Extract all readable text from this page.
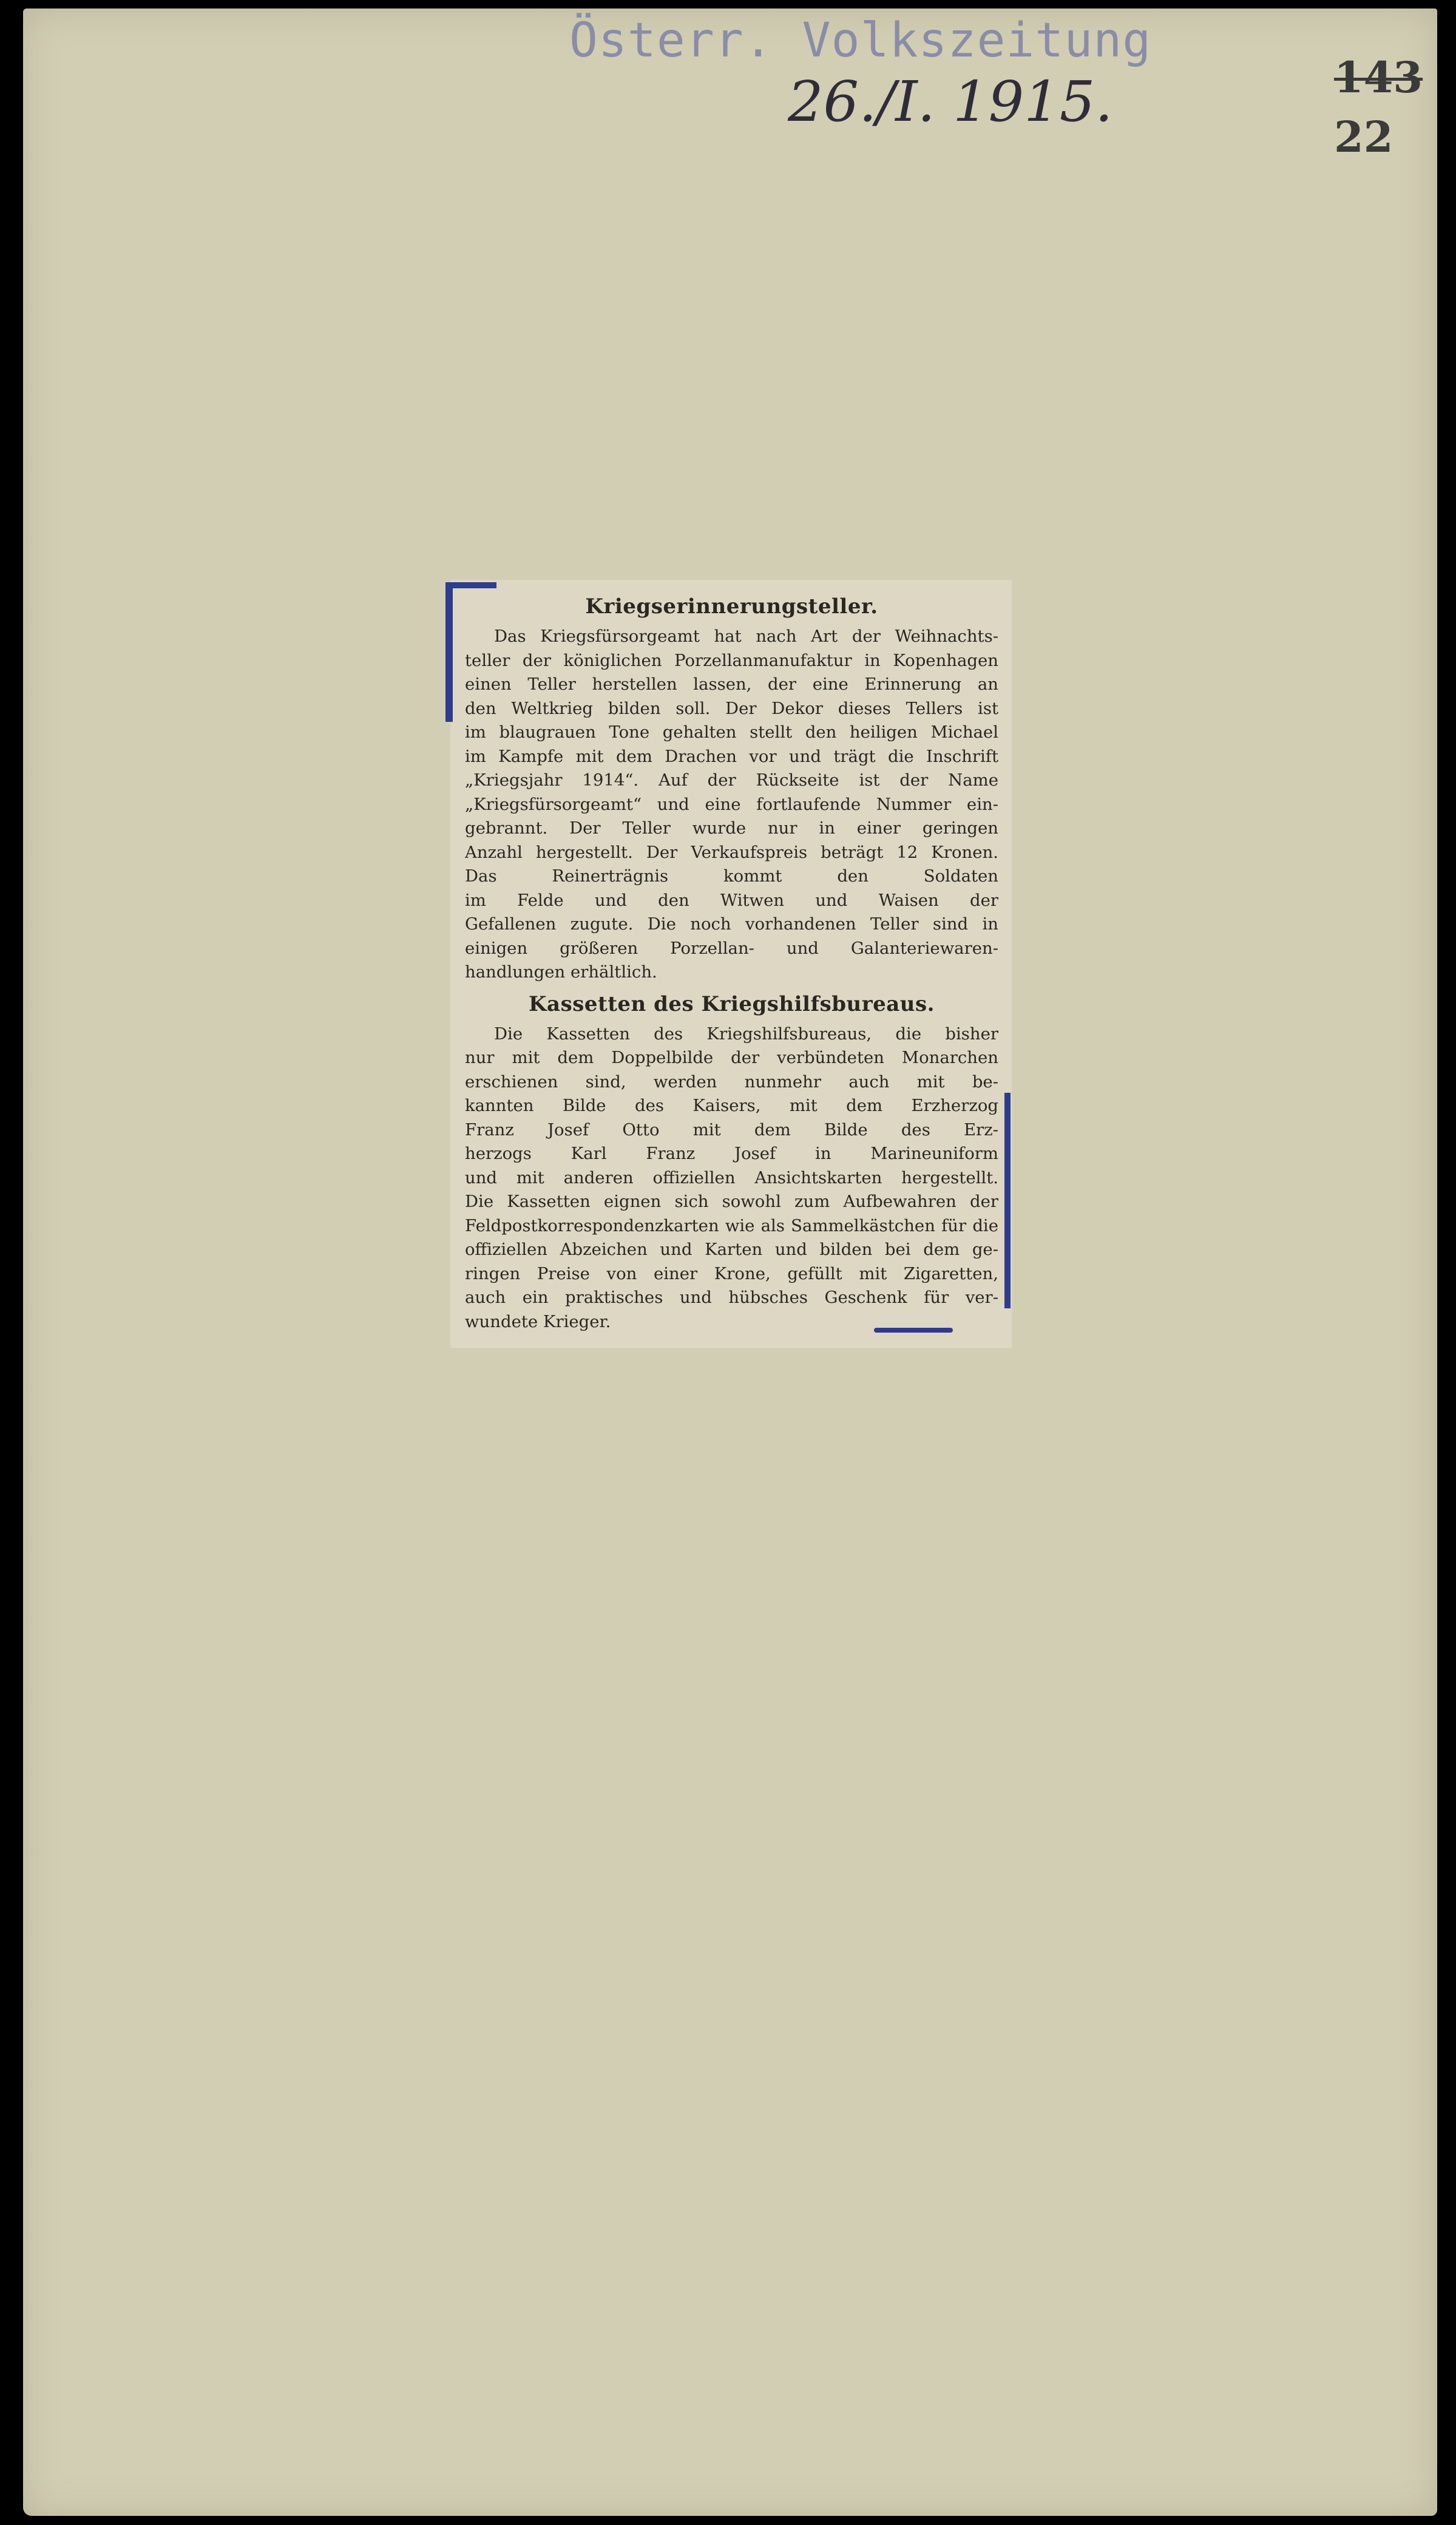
Österr. Volkszeitung
26./I. 1915.	143
22
Kriegserinnerungsteller.
Das Kriegsfürsorgeamt hat nach Art der Weihnachts-
teller der königlichen Porzellanmanufaktur in Kopenhagen
einen Teller herstellen lassen, der eine Erinnerung an
den Weltkrieg bilden soll. Der Dekor dieses Tellers ist
im blaugrauen Tone gehalten stellt den heiligen Michael
im Kampfe mit dem Drachen vor und trägt die Inschrift
„Kriegsjahr 1914“. Auf der Rückseite ist der Name
„Kriegsfürsorgeamt“ und eine fortlaufende Nummer ein-
gebrannt. Der Teller wurde nur in einer geringen
Anzahl hergestellt. Der Verkaufspreis beträgt 12 Kronen.
Das Reinerträgnis kommt den Soldaten
im Felde und den Witwen und Waisen der
Gefallenen zugute. Die noch vorhandenen Teller sind in
einigen größeren Porzellan- und Galanteriewaren-
handlungen erhältlich.
Kassetten des Kriegshilfsbureaus.
Die Kassetten des Kriegshilfsbureaus, die bisher
nur mit dem Doppelbilde der verbündeten Monarchen
erschienen sind, werden nunmehr auch mit be-
kannten Bilde des Kaisers, mit dem Erzherzog
Franz Josef Otto mit dem Bilde des Erz-
herzogs Karl Franz Josef in Marineuniform
und mit anderen offiziellen Ansichtskarten hergestellt.
Die Kassetten eignen sich sowohl zum Aufbewahren der
Feldpostkorrespondenzkarten wie als Sammelkästchen für die
offiziellen Abzeichen und Karten und bilden bei dem ge-
ringen Preise von einer Krone, gefüllt mit Zigaretten,
auch ein praktisches und hübsches Geschenk für ver-
wundete Krieger.
